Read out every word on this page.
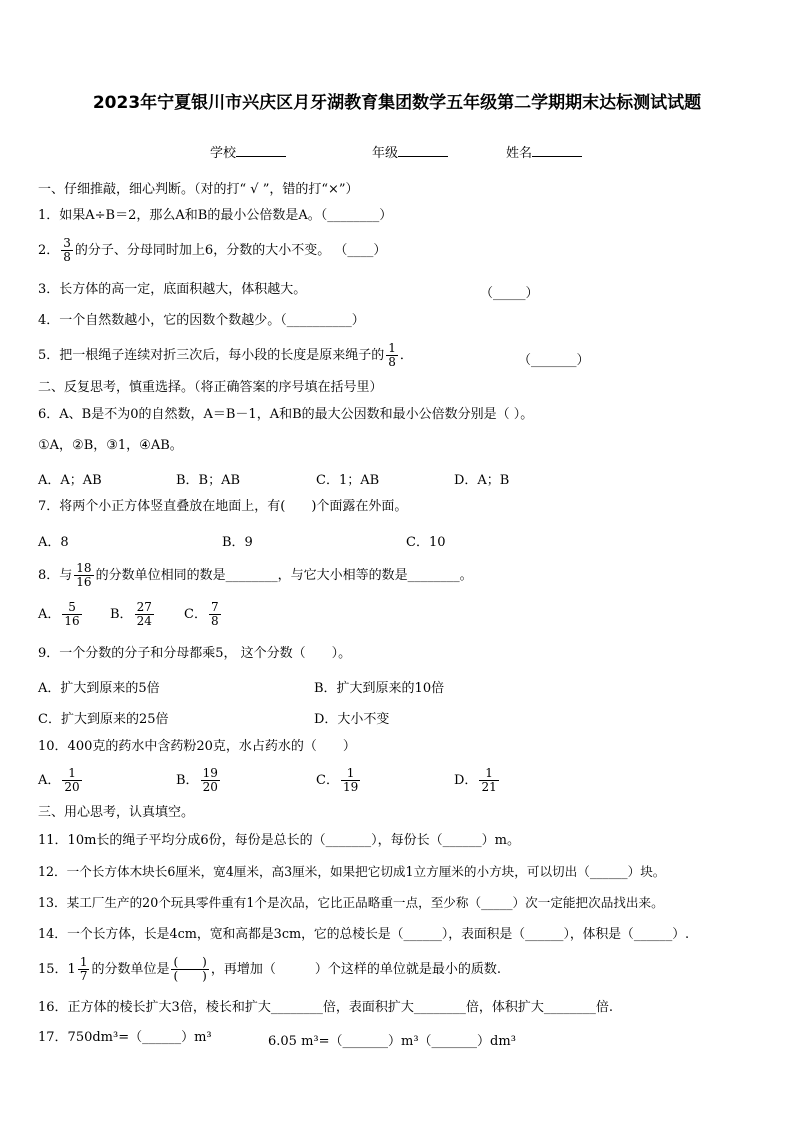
2023年宁夏银川市兴庆区月牙湖教育集团数学五年级第二学期期末达标测试试题
学校	年级	姓名
一、仔细推敲，细心判断。（对的打“ √ ”，错的打“×”）
1．如果A÷B＝2，那么A和B的最小公倍数是A。（________）
2． $\frac{3}{8}$ 的分子、分母同时加上6，分数的大小不变。 （____）
3．长方体的高一定，底面积越大，体积越大。	（_____）
4．一个自然数越小，它的因数个数越少。（__________）
5．把一根绳子连续对折三次后，每小段的长度是原来绳子的 $\frac{1}{8}$ ．	（_______）
二、反复思考，慎重选择。（将正确答案的序号填在括号里）
6．A、B是不为0的自然数，A＝B－1，A和B的最大公因数和最小公倍数分别是（ ）。
①A，②B，③1，④AB。
A．A；AB	B．B；AB	C．1；AB	D．A；B
7．将两个小正方体竖直叠放在地面上，有(　　)个面露在外面。
A．8	B．9	C．10
8．与 $\frac{18}{16}$ 的分数单位相同的数是________，与它大小相等的数是________。
A． $\frac{5}{16}$ B． $\frac{27}{24}$ C． $\frac{7}{8}$
9．一个分数的分子和分母都乘5， 这个分数（　　）。
A．扩大到原来的5倍	B．扩大到原来的10倍
C．扩大到原来的25倍	D．大小不变
10．400克的药水中含药粉20克，水占药水的（　　）
A． $\frac{1}{20}$	B． $\frac{19}{20}$	C． $\frac{1}{19}$	D． $\frac{1}{21}$
三、用心思考，认真填空。
11．10m长的绳子平均分成6份，每份是总长的（_______），每份长（______）m。
12．一个长方体木块长6厘米，宽4厘米，高3厘米，如果把它切成1立方厘米的小方块，可以切出（______）块。
13．某工厂生产的20个玩具零件重有1个是次品，它比正品略重一点，至少称（_____）次一定能把次品找出来。
14．一个长方体，长是4cm，宽和高都是3cm，它的总棱长是（______），表面积是（______），体积是（______）.
15．$1 \frac{1}{7}$ 的分数单位是 $\frac{( )}{( )}$ ，再增加（　　　）个这样的单位就是最小的质数.
16．正方体的棱长扩大3倍，棱长和扩大________倍，表面积扩大________倍，体积扩大________倍.
17．750dm³=（______）m³	6.05 m³=（_______）m³（_______）dm³
